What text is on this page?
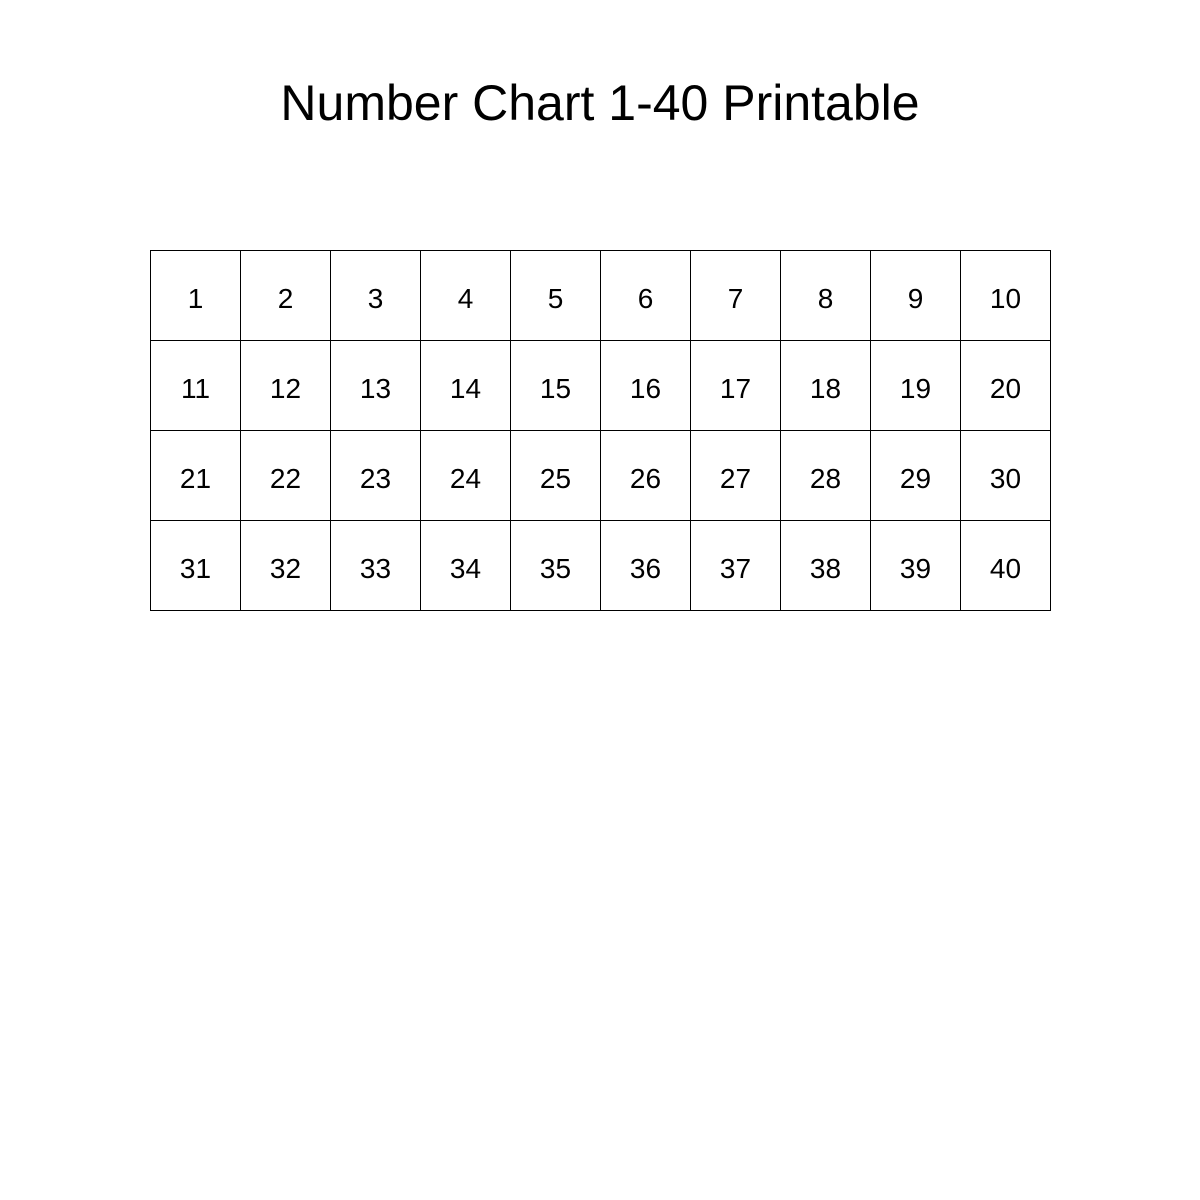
Number Chart 1-40 Printable
1	2	3	4	5	6	7	8	9	10
11	12	13	14	15	16	17	18	19	20
21	22	23	24	25	26	27	28	29	30
31	32	33	34	35	36	37	38	39	40
